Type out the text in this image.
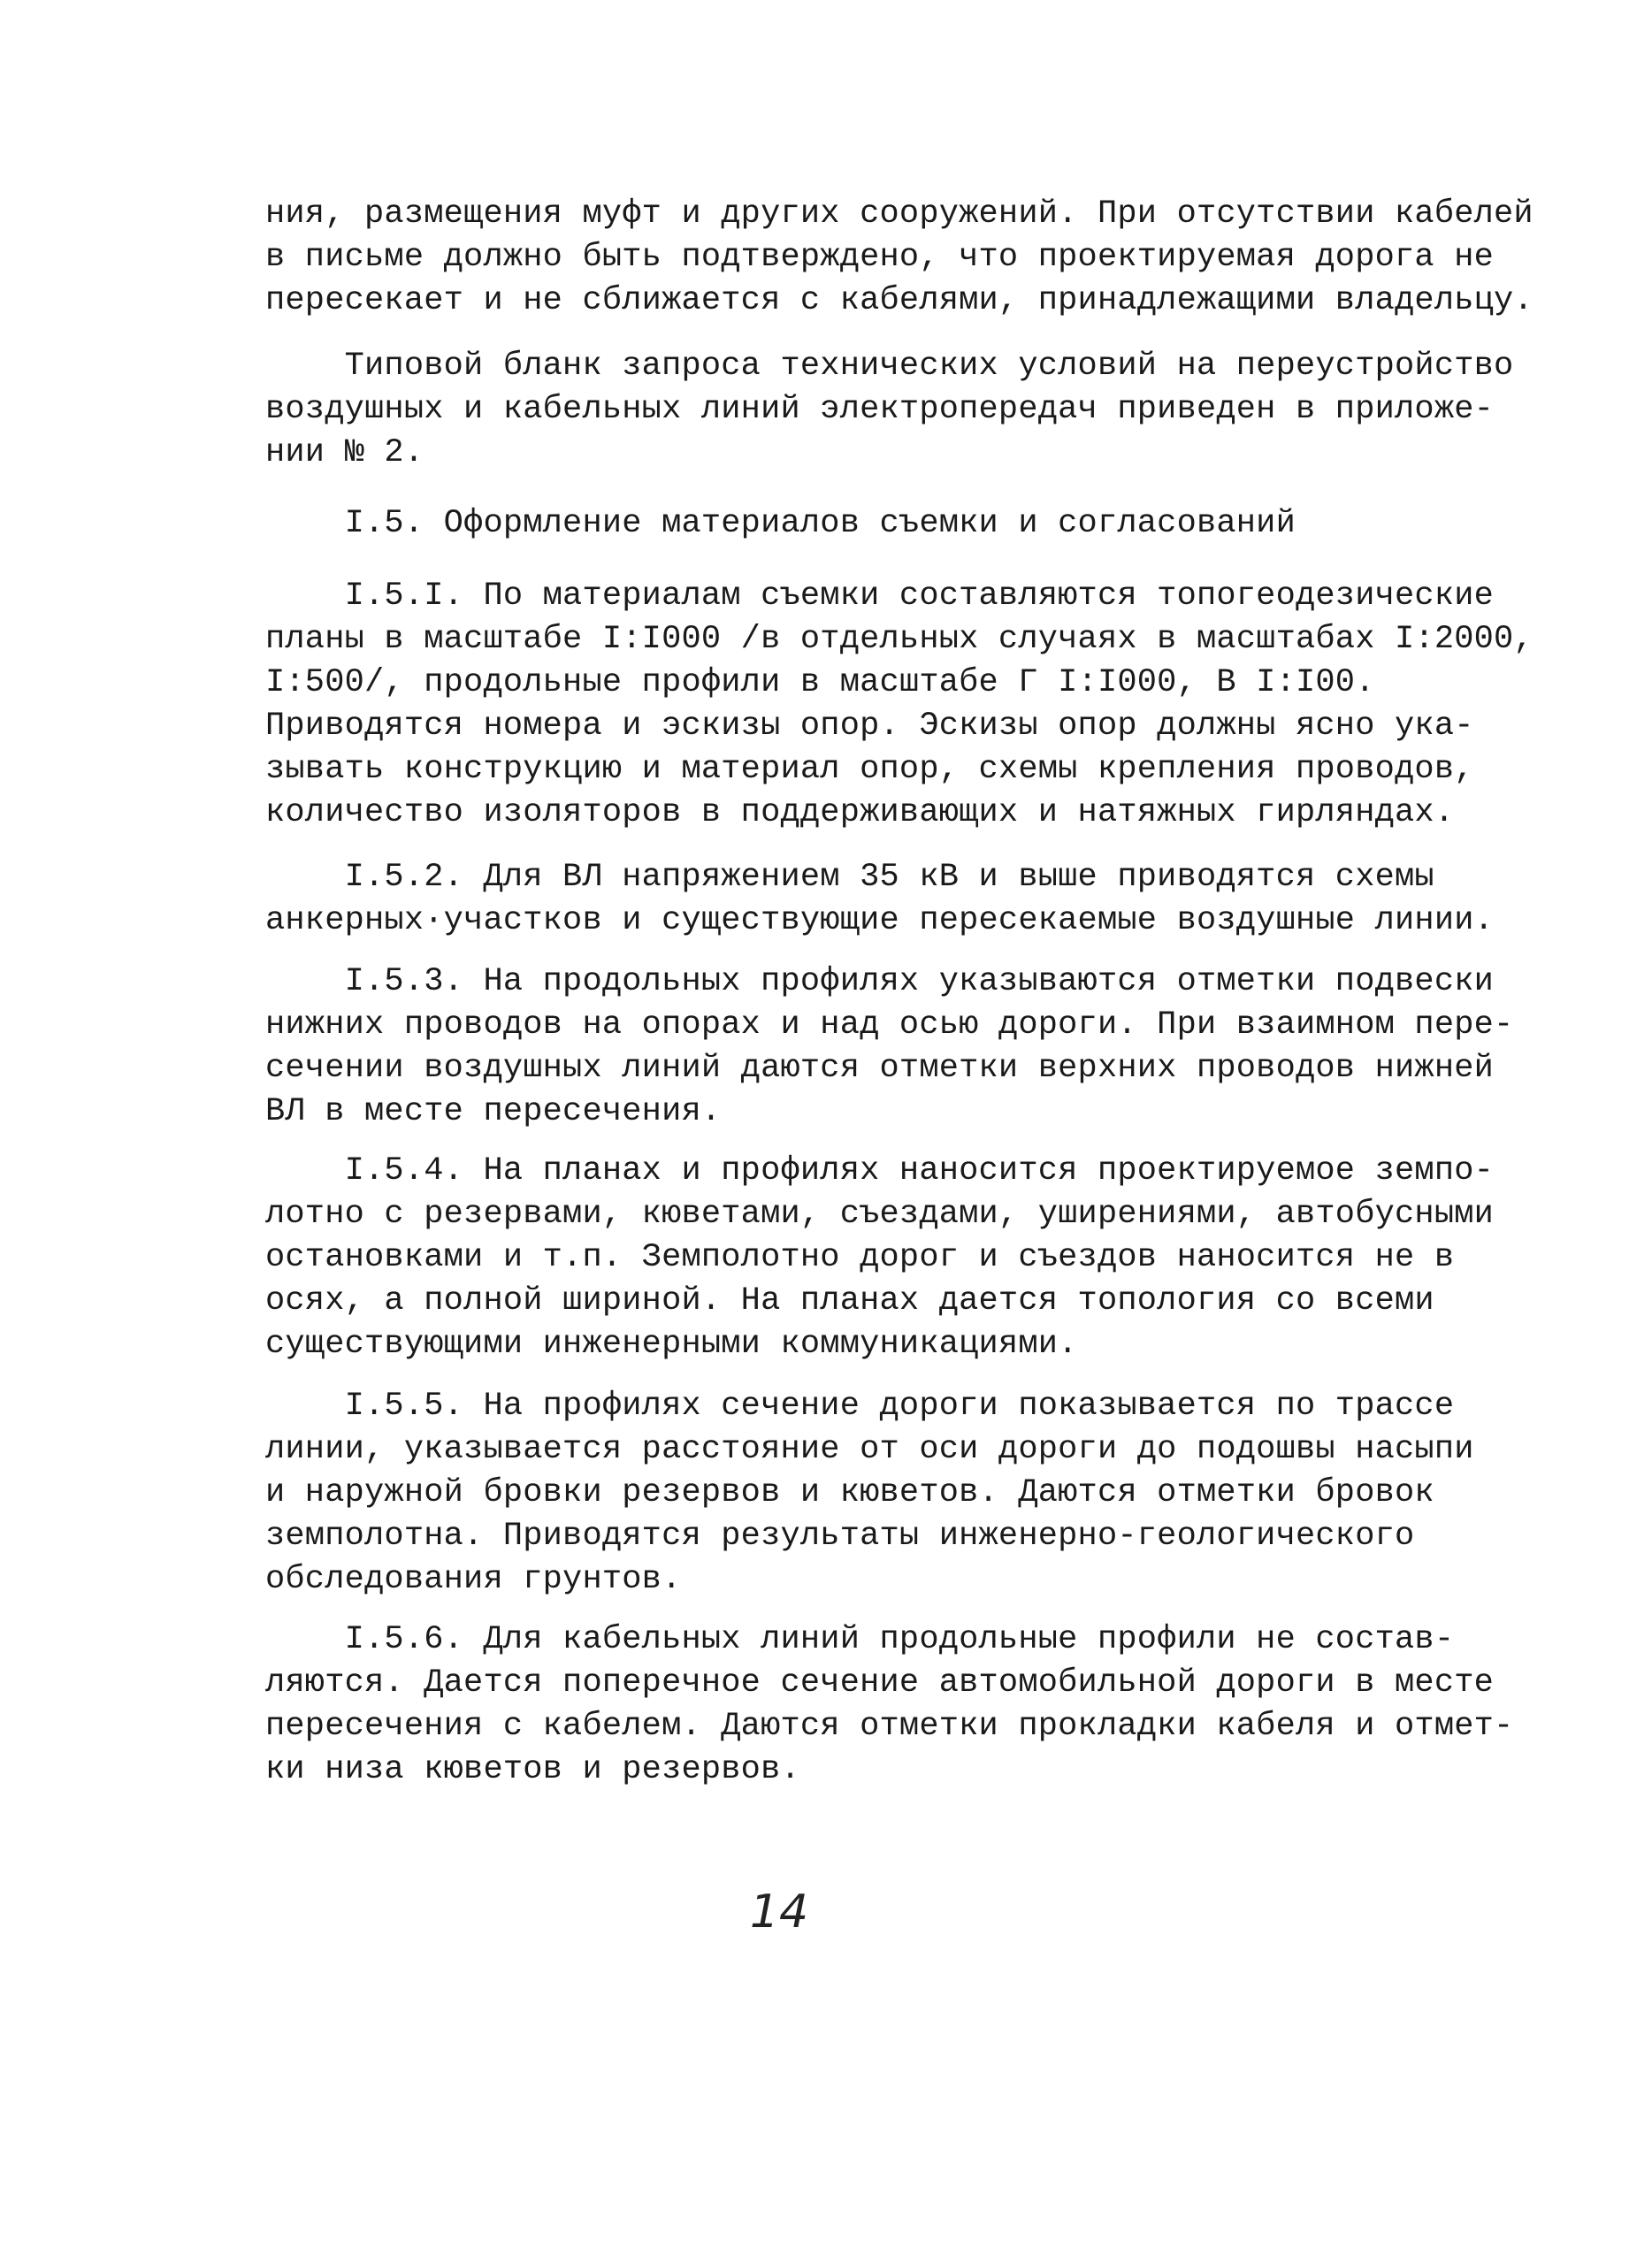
ния, размещения муфт и других сооружений. При отсутствии кабелей
в письме должно быть подтверждено, что проектируемая дорога не
пересекает и не сближается с кабелями, принадлежащими владельцу.
Типовой бланк запроса технических условий на переустройство
воздушных и кабельных линий электропередач приведен в приложе-
нии № 2.
I.5. Оформление материалов съемки и согласований
I.5.I. По материалам съемки составляются топогеодезические
планы в масштабе I:I000 /в отдельных случаях в масштабах I:2000,
I:500/, продольные профили в масштабе Г I:I000, В I:I00.
Приводятся номера и эскизы опор. Эскизы опор должны ясно ука-
зывать конструкцию и материал опор, схемы крепления проводов,
количество изоляторов в поддерживающих и натяжных гирляндах.
I.5.2. Для ВЛ напряжением 35 кВ и выше приводятся схемы
анкерных·участков и существующие пересекаемые воздушные линии.
I.5.3. На продольных профилях указываются отметки подвески
нижних проводов на опорах и над осью дороги. При взаимном пере-
сечении воздушных линий даются отметки верхних проводов нижней
ВЛ в месте пересечения.
I.5.4. На планах и профилях наносится проектируемое земпо-
лотно с резервами, кюветами, съездами, уширениями, автобусными
остановками и т.п. Земполотно дорог и съездов наносится не в
осях, а полной шириной. На планах дается топология со всеми
существующими инженерными коммуникациями.
I.5.5. На профилях сечение дороги показывается по трассе
линии, указывается расстояние от оси дороги до подошвы насыпи
и наружной бровки резервов и кюветов. Даются отметки бровок
земполотна. Приводятся результаты инженерно-геологического
обследования грунтов.
I.5.6. Для кабельных линий продольные профили не состав-
ляются. Дается поперечное сечение автомобильной дороги в месте
пересечения с кабелем. Даются отметки прокладки кабеля и отмет-
ки низа кюветов и резервов.
14
